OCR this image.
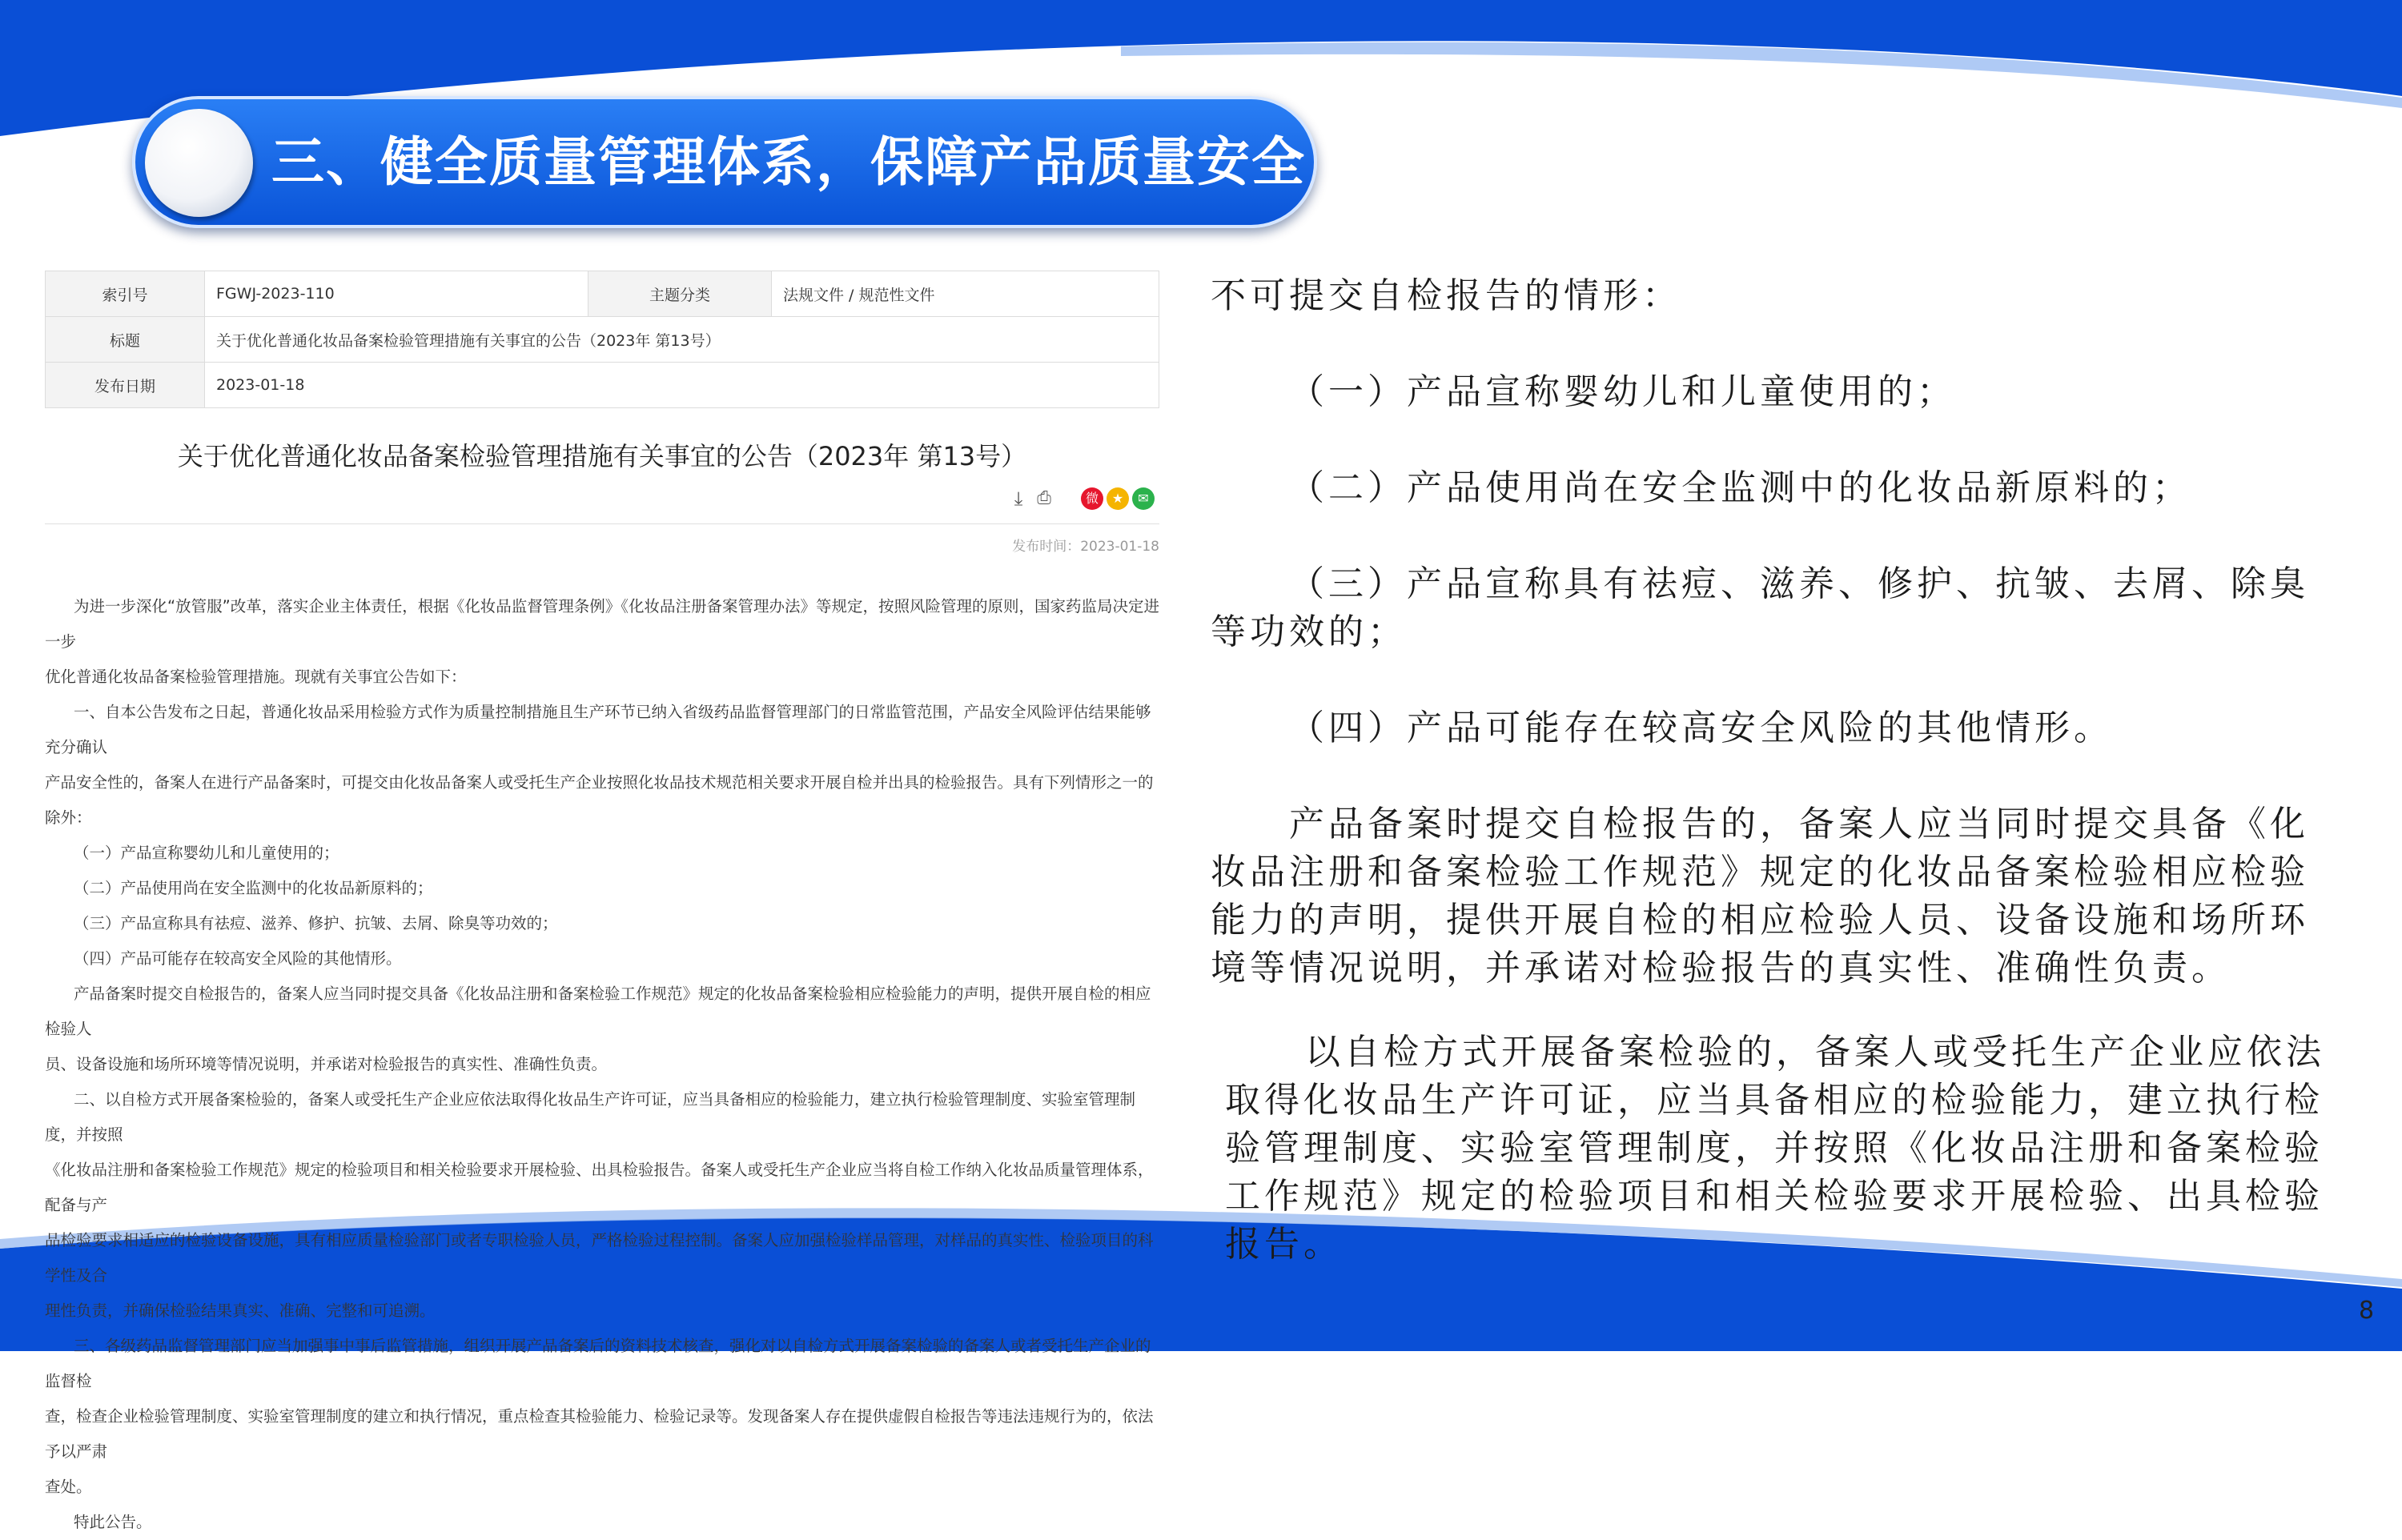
三、健全质量管理体系，保障产品质量安全
索引号	FGWJ-2023-110	主题分类	法规文件 / 规范性文件
标题	关于优化普通化妆品备案检验管理措施有关事宜的公告（2023年 第13号）		
发布日期	2023-01-18		
关于优化普通化妆品备案检验管理措施有关事宜的公告（2023年 第13号）
⤓ ⎙	微	★	✉
发布时间：2023-01-18

为进一步深化“放管服”改革，落实企业主体责任，根据《化妆品监督管理条例》《化妆品注册备案管理办法》等规定，按照风险管理的原则，国家药监局决定进一步

优化普通化妆品备案检验管理措施。现就有关事宜公告如下：

一、自本公告发布之日起，普通化妆品采用检验方式作为质量控制措施且生产环节已纳入省级药品监督管理部门的日常监管范围，产品安全风险评估结果能够充分确认

产品安全性的，备案人在进行产品备案时，可提交由化妆品备案人或受托生产企业按照化妆品技术规范相关要求开展自检并出具的检验报告。具有下列情形之一的除外：

（一）产品宣称婴幼儿和儿童使用的；

（二）产品使用尚在安全监测中的化妆品新原料的；

（三）产品宣称具有祛痘、滋养、修护、抗皱、去屑、除臭等功效的；

（四）产品可能存在较高安全风险的其他情形。

产品备案时提交自检报告的，备案人应当同时提交具备《化妆品注册和备案检验工作规范》规定的化妆品备案检验相应检验能力的声明，提供开展自检的相应检验人

员、设备设施和场所环境等情况说明，并承诺对检验报告的真实性、准确性负责。

二、以自检方式开展备案检验的，备案人或受托生产企业应依法取得化妆品生产许可证，应当具备相应的检验能力，建立执行检验管理制度、实验室管理制度，并按照

《化妆品注册和备案检验工作规范》规定的检验项目和相关检验要求开展检验、出具检验报告。备案人或受托生产企业应当将自检工作纳入化妆品质量管理体系，配备与产

品检验要求相适应的检验设备设施，具有相应质量检验部门或者专职检验人员，严格检验过程控制。备案人应加强检验样品管理，对样品的真实性、检验项目的科学性及合

理性负责，并确保检验结果真实、准确、完整和可追溯。

三、各级药品监督管理部门应当加强事中事后监管措施，组织开展产品备案后的资料技术核查，强化对以自检方式开展备案检验的备案人或者受托生产企业的监督检

查，检查企业检验管理制度、实验室管理制度的建立和执行情况，重点检查其检验能力、检验记录等。发现备案人存在提供虚假自检报告等违法违规行为的，依法予以严肃

查处。

特此公告。

不可提交自检报告的情形：
（一）产品宣称婴幼儿和儿童使用的；
（二）产品使用尚在安全监测中的化妆品新原料的；
（三）产品宣称具有祛痘、滋养、修护、抗皱、去屑、除臭
等功效的；
（四）产品可能存在较高安全风险的其他情形。
产品备案时提交自检报告的，备案人应当同时提交具备《化
妆品注册和备案检验工作规范》规定的化妆品备案检验相应检验
能力的声明，提供开展自检的相应检验人员、设备设施和场所环
境等情况说明，并承诺对检验报告的真实性、准确性负责。
以自检方式开展备案检验的，备案人或受托生产企业应依法
取得化妆品生产许可证，应当具备相应的检验能力，建立执行检
验管理制度、实验室管理制度，并按照《化妆品注册和备案检验
工作规范》规定的检验项目和相关检验要求开展检验、出具检验
报告。
8
